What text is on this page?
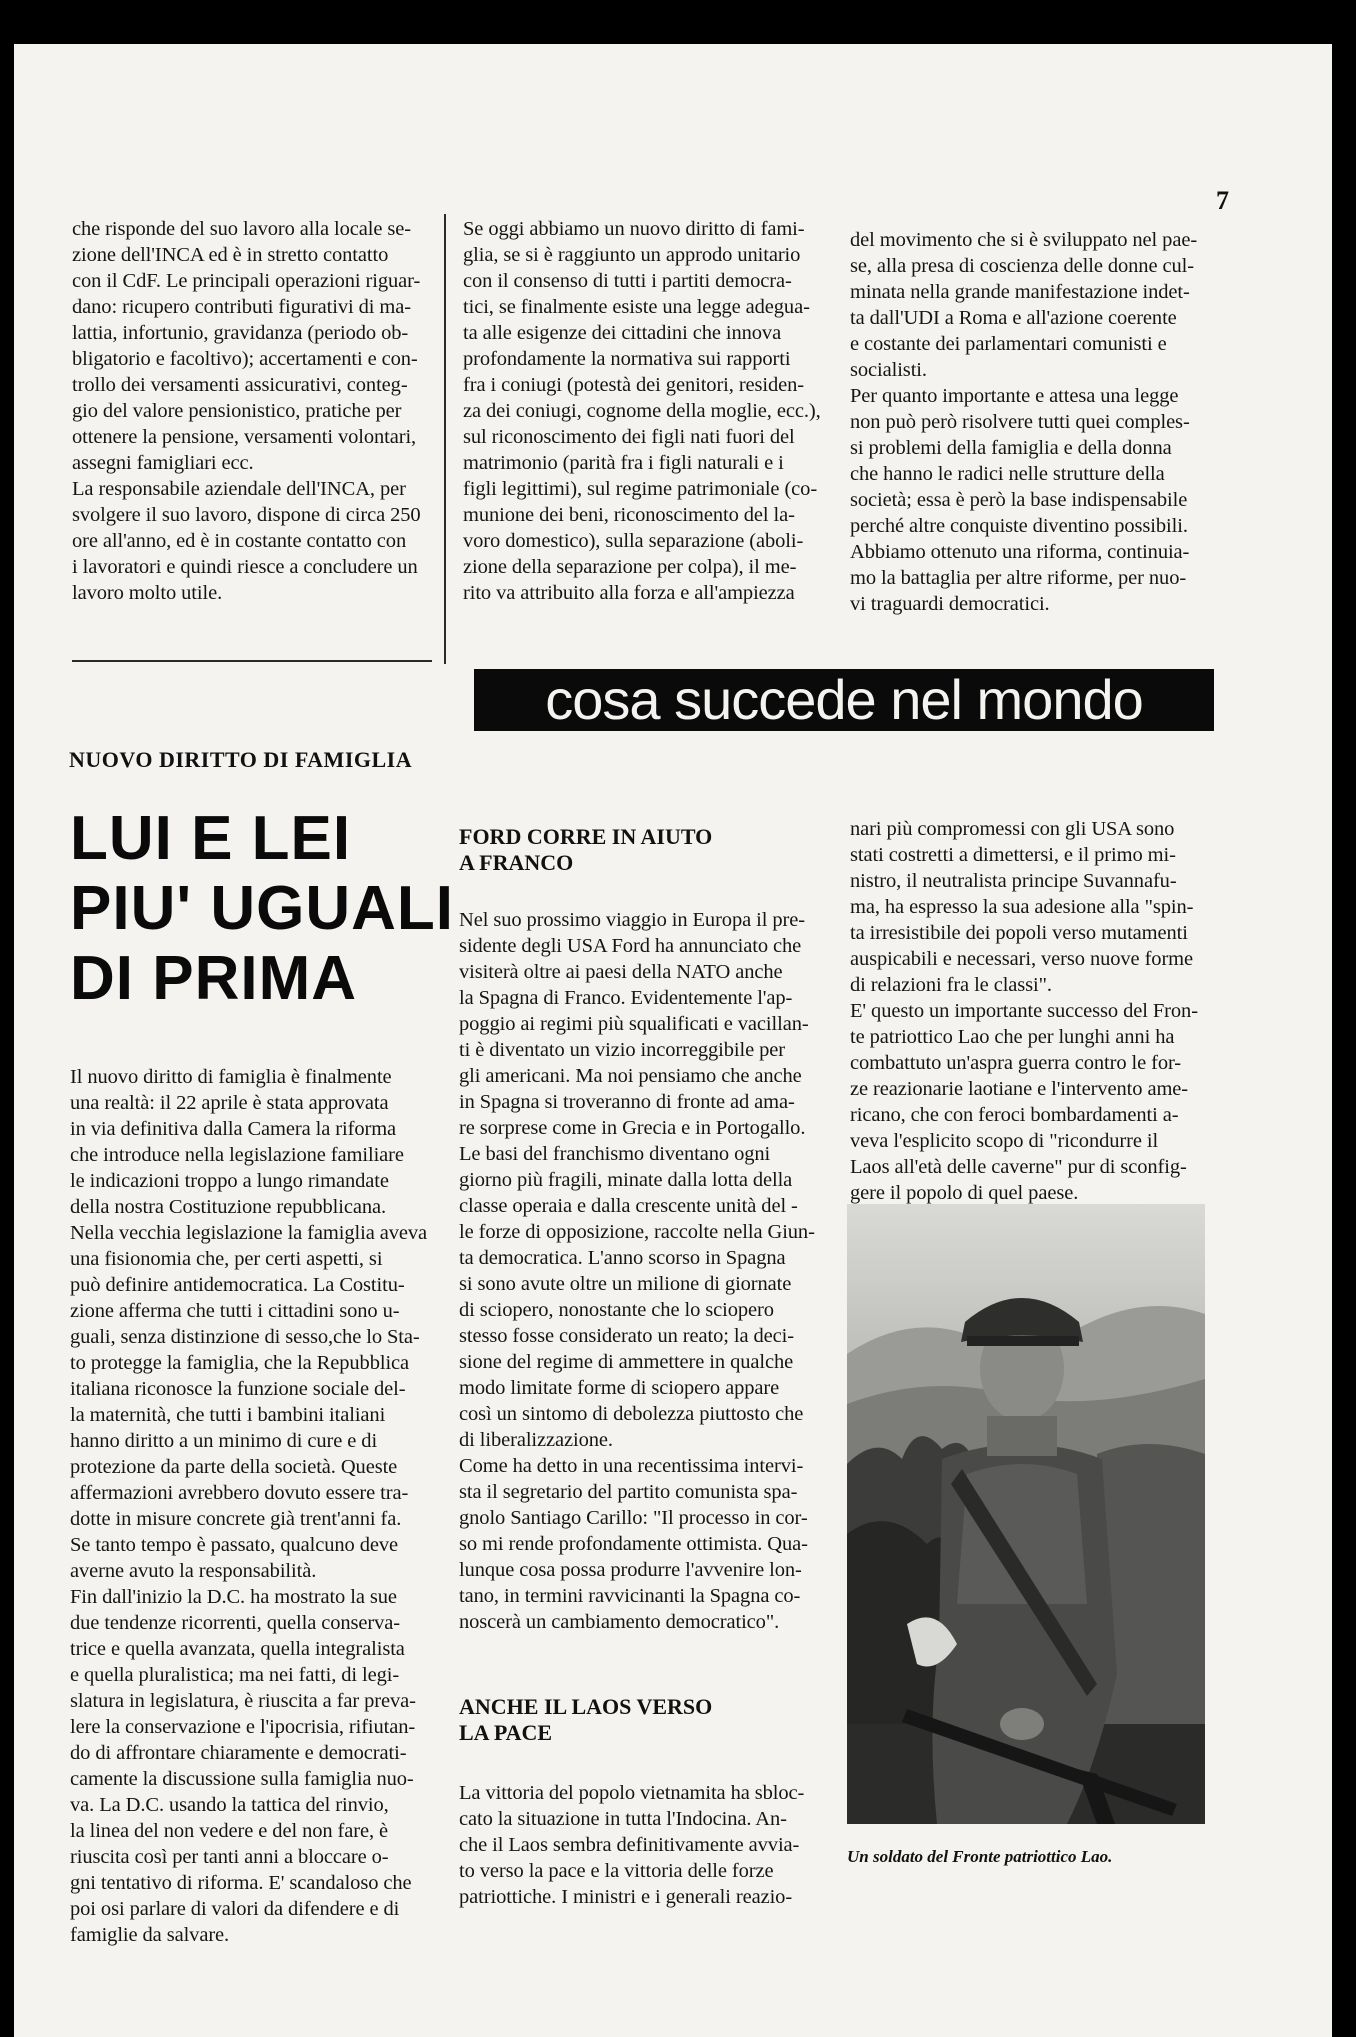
7
che risponde del suo lavoro alla locale se-
zione dell'INCA ed è in stretto contatto
con il CdF. Le principali operazioni riguar-
dano: ricupero contributi figurativi di ma-
lattia, infortunio, gravidanza (periodo ob-
bligatorio e facoltivo); accertamenti e con-
trollo dei versamenti assicurativi, conteg-
gio del valore pensionistico, pratiche per
ottenere la pensione, versamenti volontari,
assegni famigliari ecc.
La responsabile aziendale dell'INCA, per
svolgere il suo lavoro, dispone di circa 250
ore all'anno, ed è in costante contatto con
i lavoratori e quindi riesce a concludere un
lavoro molto utile.
Se oggi abbiamo un nuovo diritto di fami-
glia, se si è raggiunto un approdo unitario
con il consenso di tutti i partiti democra-
tici, se finalmente esiste una legge adegua-
ta alle esigenze dei cittadini che innova
profondamente la normativa sui rapporti
fra i coniugi (potestà dei genitori, residen-
za dei coniugi, cognome della moglie, ecc.),
sul riconoscimento dei figli nati fuori del
matrimonio (parità fra i figli naturali e i
figli legittimi), sul regime patrimoniale (co-
munione dei beni, riconoscimento del la-
voro domestico), sulla separazione (aboli-
zione della separazione per colpa), il me-
rito va attribuito alla forza e all'ampiezza
del movimento che si è sviluppato nel pae-
se, alla presa di coscienza delle donne cul-
minata nella grande manifestazione indet-
ta dall'UDI a Roma e all'azione coerente
e costante dei parlamentari comunisti e
socialisti.
Per quanto importante e attesa una legge
non può però risolvere tutti quei comples-
si problemi della famiglia e della donna
che hanno le radici nelle strutture della
società; essa è però la base indispensabile
perché altre conquiste diventino possibili.
Abbiamo ottenuto una riforma, continuia-
mo la battaglia per altre riforme, per nuo-
vi traguardi democratici.
cosa succede nel mondo
NUOVO DIRITTO DI FAMIGLIA
LUI E LEI
PIU' UGUALI
DI PRIMA
Il nuovo diritto di famiglia è finalmente
una realtà: il 22 aprile è stata approvata
in via definitiva dalla Camera la riforma
che introduce nella legislazione familiare
le indicazioni troppo a lungo rimandate
della nostra Costituzione repubblicana.
Nella vecchia legislazione la famiglia aveva
una fisionomia che, per certi aspetti, si
può definire antidemocratica. La Costitu-
zione afferma che tutti i cittadini sono u-
guali, senza distinzione di sesso,che lo Sta-
to protegge la famiglia, che la Repubblica
italiana riconosce la funzione sociale del-
la maternità, che tutti i bambini italiani
hanno diritto a un minimo di cure e di
protezione da parte della società. Queste
affermazioni avrebbero dovuto essere tra-
dotte in misure concrete già trent'anni fa.
Se tanto tempo è passato, qualcuno deve
averne avuto la responsabilità.
Fin dall'inizio la D.C. ha mostrato la sue
due tendenze ricorrenti, quella conserva-
trice e quella avanzata, quella integralista
e quella pluralistica; ma nei fatti, di legi-
slatura in legislatura, è riuscita a far preva-
lere la conservazione e l'ipocrisia, rifiutan-
do di affrontare chiaramente e democrati-
camente la discussione sulla famiglia nuo-
va. La D.C. usando la tattica del rinvio,
la linea del non vedere e del non fare, è
riuscita così per tanti anni a bloccare o-
gni tentativo di riforma. E' scandaloso che
poi osi parlare di valori da difendere e di
famiglie da salvare.
FORD CORRE IN AIUTO
A FRANCO
Nel suo prossimo viaggio in Europa il pre-
sidente degli USA Ford ha annunciato che
visiterà oltre ai paesi della NATO anche
la Spagna di Franco. Evidentemente l'ap-
poggio ai regimi più squalificati e vacillan-
ti è diventato un vizio incorreggibile per
gli americani. Ma noi pensiamo che anche
in Spagna si troveranno di fronte ad ama-
re sorprese come in Grecia e in Portogallo.
Le basi del franchismo diventano ogni
giorno più fragili, minate dalla lotta della
classe operaia e dalla crescente unità del -
le forze di opposizione, raccolte nella Giun-
ta democratica. L'anno scorso in Spagna
si sono avute oltre un milione di giornate
di sciopero, nonostante che lo sciopero
stesso fosse considerato un reato; la deci-
sione del regime di ammettere in qualche
modo limitate forme di sciopero appare
così un sintomo di debolezza piuttosto che
di liberalizzazione.
Come ha detto in una recentissima intervi-
sta il segretario del partito comunista spa-
gnolo Santiago Carillo: "Il processo in cor-
so mi rende profondamente ottimista. Qua-
lunque cosa possa produrre l'avvenire lon-
tano, in termini ravvicinanti la Spagna co-
noscerà un cambiamento democratico".
ANCHE IL LAOS VERSO
LA PACE
La vittoria del popolo vietnamita ha sbloc-
cato la situazione in tutta l'Indocina. An-
che il Laos sembra definitivamente avvia-
to verso la pace e la vittoria delle forze
patriottiche. I ministri e i generali reazio-
nari più compromessi con gli USA sono
stati costretti a dimettersi, e il primo mi-
nistro, il neutralista principe Suvannafu-
ma, ha espresso la sua adesione alla "spin-
ta irresistibile dei popoli verso mutamenti
auspicabili e necessari, verso nuove forme
di relazioni fra le classi".
E' questo un importante successo del Fron-
te patriottico Lao che per lunghi anni ha
combattuto un'aspra guerra contro le for-
ze reazionarie laotiane e l'intervento ame-
ricano, che con feroci bombardamenti a-
veva l'esplicito scopo di "ricondurre il
Laos all'età delle caverne" pur di sconfig-
gere il popolo di quel paese.
Un soldato del Fronte patriottico Lao.
